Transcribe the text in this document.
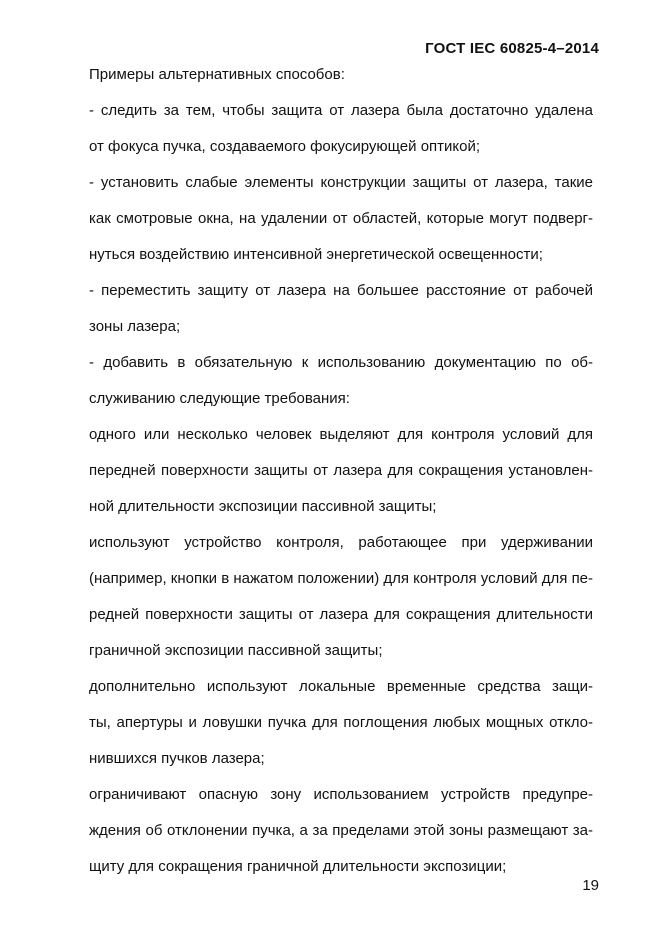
ГОСТ IEC 60825-4–2014

Примеры альтернативных способов:

- следить за тем, чтобы защита от лазера была достаточно удалена
от фокуса пучка, создаваемого фокусирующей оптикой;

- установить слабые элементы конструкции защиты от лазера, такие
как смотровые окна, на удалении от областей, которые могут подверг-
нуться воздействию интенсивной энергетической освещенности;

- переместить защиту от лазера на большее расстояние от рабочей
зоны лазера;

- добавить в обязательную к использованию документацию по об-
служиванию следующие требования:

одного или несколько человек выделяют для контроля условий для
передней поверхности защиты от лазера для сокращения установлен-
ной длительности экспозиции пассивной защиты;

используют устройство контроля, работающее при удерживании
(например, кнопки в нажатом положении) для контроля условий для пе-
редней поверхности защиты от лазера для сокращения длительности
граничной экспозиции пассивной защиты;

дополнительно используют локальные временные средства защи-
ты, апертуры и ловушки пучка для поглощения любых мощных откло-
нившихся пучков лазера;

ограничивают опасную зону использованием устройств предупре-
ждения об отклонении пучка, а за пределами этой зоны размещают за-
щиту для сокращения граничной длительности экспозиции;

19
